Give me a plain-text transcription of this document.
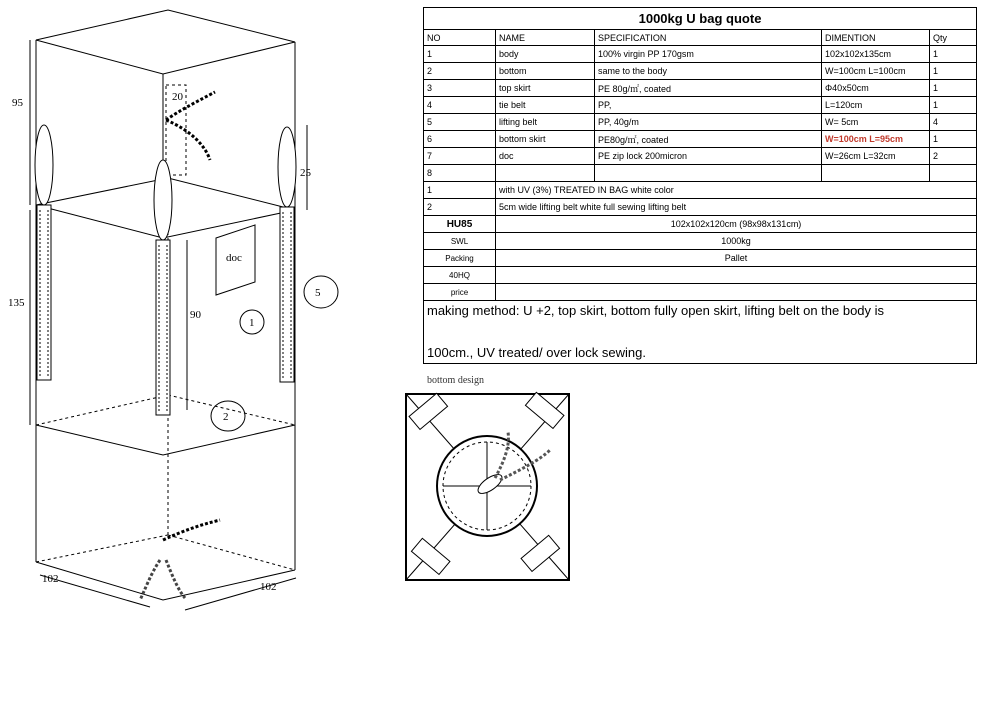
doc
95
135
25
20
90
102
102
1
2
5
bottom design
1000kg U bag quote				
NO	NAME	SPECIFICATION	DIMENTION	Qty
1	body	100% virgin PP 170gsm	102x102x135cm	1
2	bottom	same to the body	W=100cm L=100cm	1
3	top skirt	PE 80g/㎡, coated	Φ40x50cm	1
4	tie belt	PP,	L=120cm	1
5	lifting belt	PP, 40g/m	W= 5cm	4
6	bottom skirt	PE80g/㎡, coated	W=100cm L=95cm	1
7	doc	PE zip lock 200micron	W=26cm L=32cm	2
8				
1	with UV (3%) TREATED IN BAG white color			
2	5cm wide lifting belt white full sewing lifting belt			
HU85	102x102x120cm (98x98x131cm)			
SWL	1000kg			
Packing	Pallet			
40HQ				
price				

making method: U +2, top skirt, bottom fully open skirt, lifting belt on the body is
100cm., UV treated/ over lock sewing.				
